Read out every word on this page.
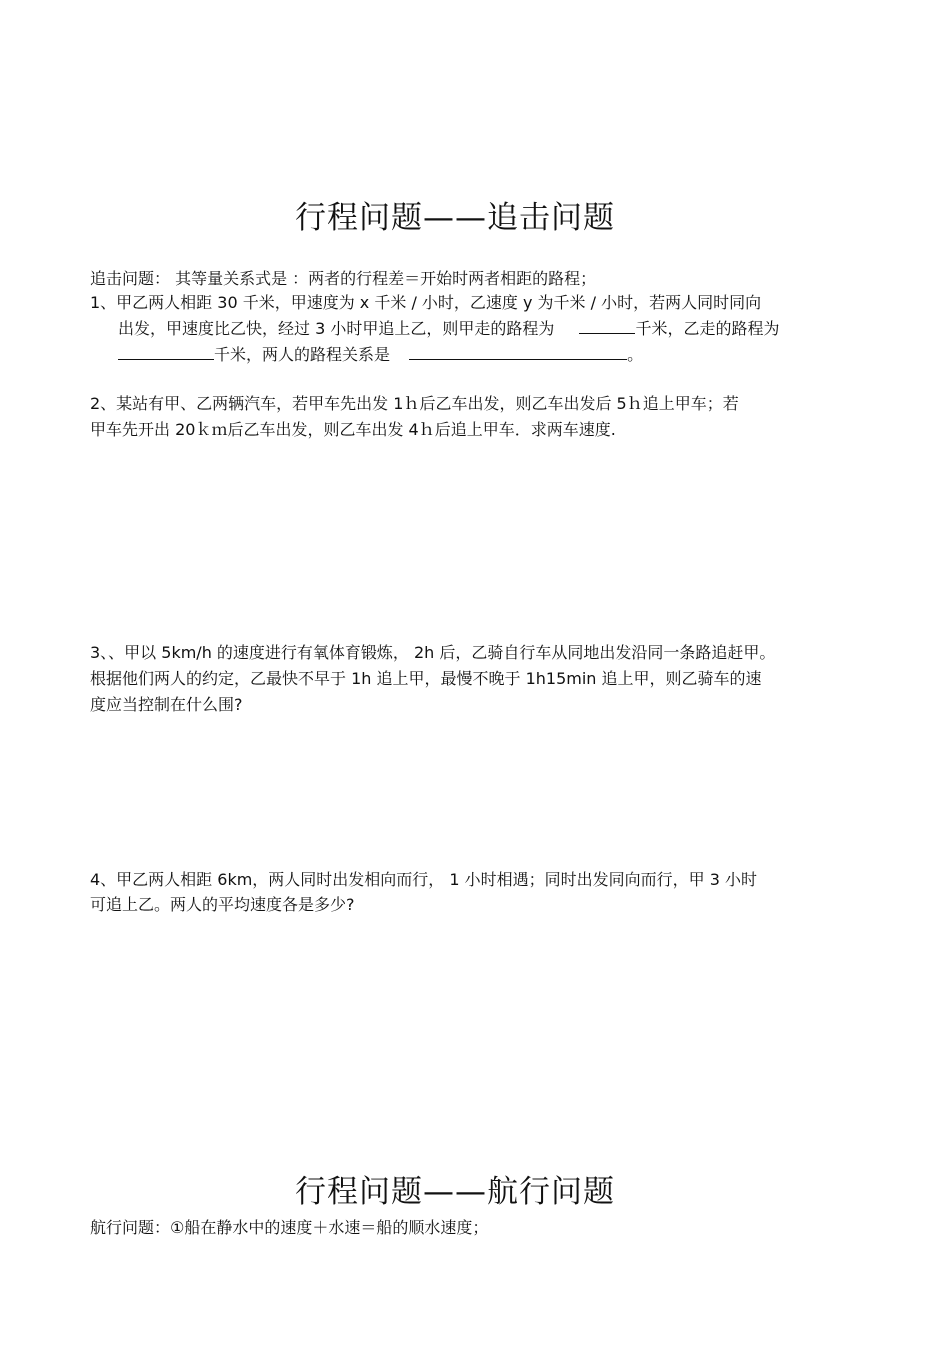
行程问题——追击问题

追击问题： 其等量关系式是 ：两者的行程差＝开始时两者相距的路程；

1、甲乙两人相距 30 千米，甲速度为 x 千米 / 小时，乙速度 y 为千米 / 小时，若两人同时同向

出发，甲速度比乙快，经过 3 小时甲追上乙，则甲走的路程为	千米，乙走的路程为

千米，两人的路程关系是	。

2、某站有甲、乙两辆汽车，若甲车先出发 1ｈ后乙车出发，则乙车出发后 5ｈ追上甲车；若

甲车先开出 20ｋｍ后乙车出发，则乙车出发 4ｈ后追上甲车．求两车速度.

3、、甲以 5km/h 的速度进行有氧体育锻炼， 2h 后，乙骑自行车从同地出发沿同一条路追赶甲。

根据他们两人的约定，乙最快不早于 1h 追上甲，最慢不晚于 1h15min 追上甲，则乙骑车的速

度应当控制在什么围?

4、甲乙两人相距 6km，两人同时出发相向而行， 1 小时相遇；同时出发同向而行，甲 3 小时

可追上乙。两人的平均速度各是多少?

行程问题——航行问题

航行问题：①船在静水中的速度＋水速＝船的顺水速度；
